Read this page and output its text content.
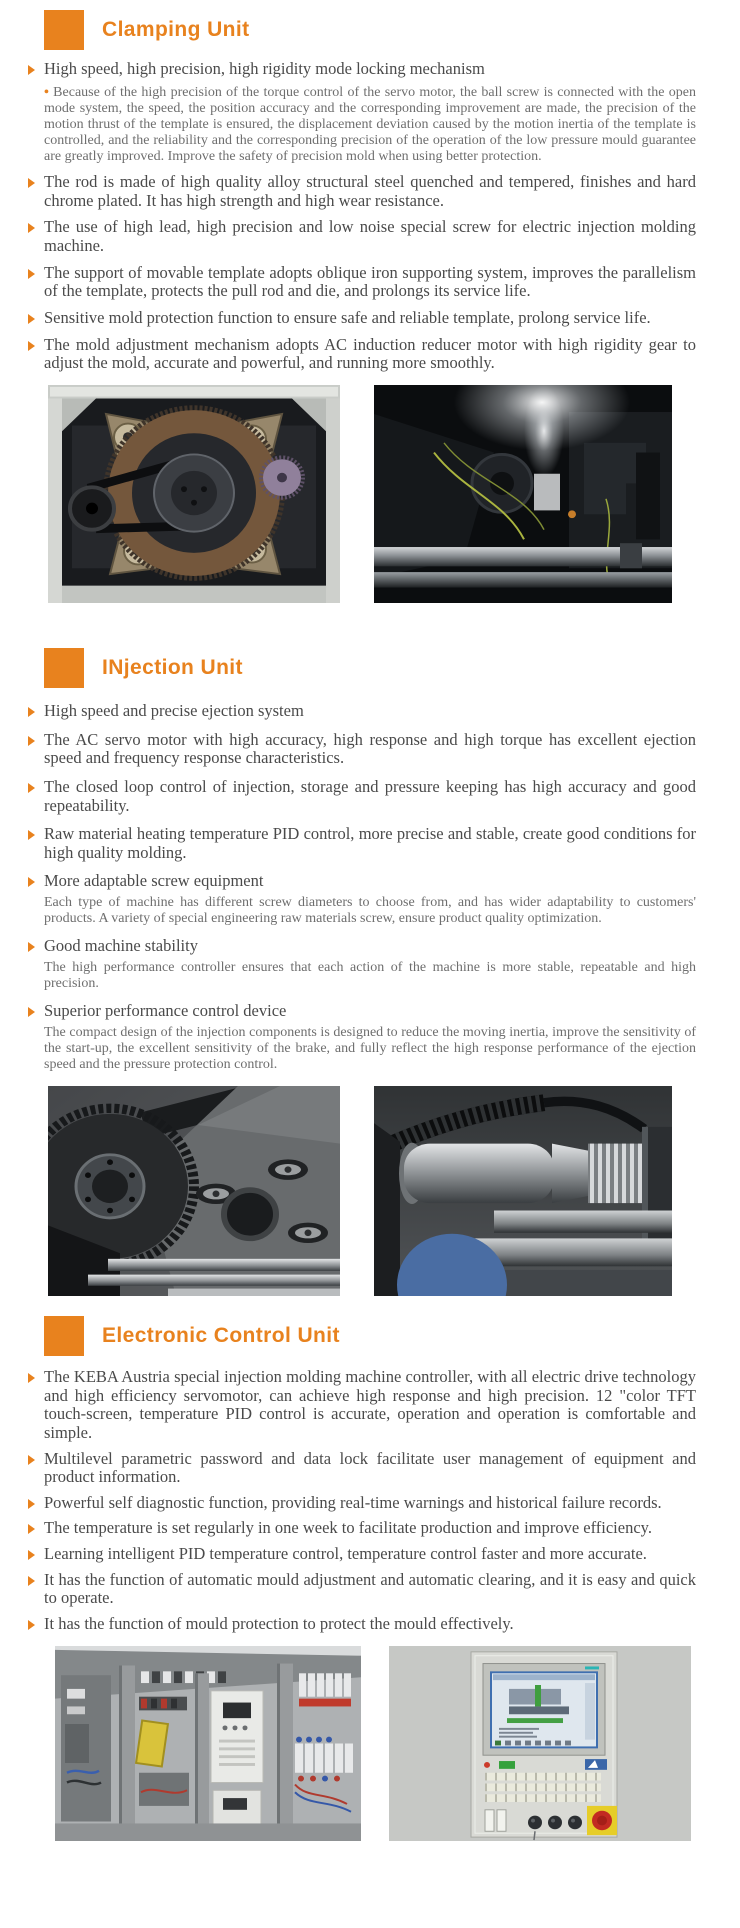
Clamping Unit

High speed, high precision, high rigidity mode locking mechanism

• Because of the high precision of the torque control of the servo motor, the ball screw is connected with the open mode system, the speed, the position accuracy and the corresponding improvement are made, the precision of the motion thrust of the template is ensured, the displacement deviation caused by the motion inertia of the template is controlled, and the reliability and the corresponding precision of the operation of the low pressure mould guarantee are greatly improved. Improve the safety of precision mold when using better protection.

The rod is made of high quality alloy structural steel quenched and tempered, finishes and hard chrome plated. It has high strength and high wear resistance.

The use of high lead, high precision and low noise special screw for electric injection molding machine.

The support of movable template adopts oblique iron supporting system, improves the parallelism of the template, protects the pull rod and die, and prolongs its service life.

Sensitive mold protection function to ensure safe and reliable template, prolong service life.

The mold adjustment mechanism adopts AC induction reducer motor with high rigidity gear to adjust the mold, accurate and powerful, and running more smoothly.

INjection Unit

High speed and precise ejection system

The AC servo motor with high accuracy, high response and high torque has excellent ejection speed and frequency response characteristics.

The closed loop control of injection, storage and pressure keeping has high accuracy and good repeatability.

Raw material heating temperature PID control, more precise and stable, create good conditions for high quality molding.

More adaptable screw equipment

Each type of machine has different screw diameters to choose from, and has wider adaptability to customers' products. A variety of special engineering raw materials screw, ensure product quality optimization.

Good machine stability

The high performance controller ensures that each action of the machine is more stable, repeatable and high precision.

Superior performance control device

The compact design of the injection components is designed to reduce the moving inertia, improve the sensitivity of the start-up, the excellent sensitivity of the brake, and fully reflect the high response performance of the ejection speed and the pressure protection control.

Electronic Control Unit

The KEBA Austria special injection molding machine controller, with all electric drive technology and high efficiency servomotor, can achieve high response and high precision. 12 "color TFT touch-screen, temperature PID control is accurate, operation and operation is comfortable and simple.

Multilevel parametric password and data lock facilitate user management of equipment and product information.

Powerful self diagnostic function, providing real-time warnings and historical failure records.

The temperature is set regularly in one week to facilitate production and improve efficiency.

Learning intelligent PID temperature control, temperature control faster and more accurate.

It has the function of automatic mould adjustment and automatic clearing, and it is easy and quick to operate.

It has the function of mould protection to protect the mould effectively.
